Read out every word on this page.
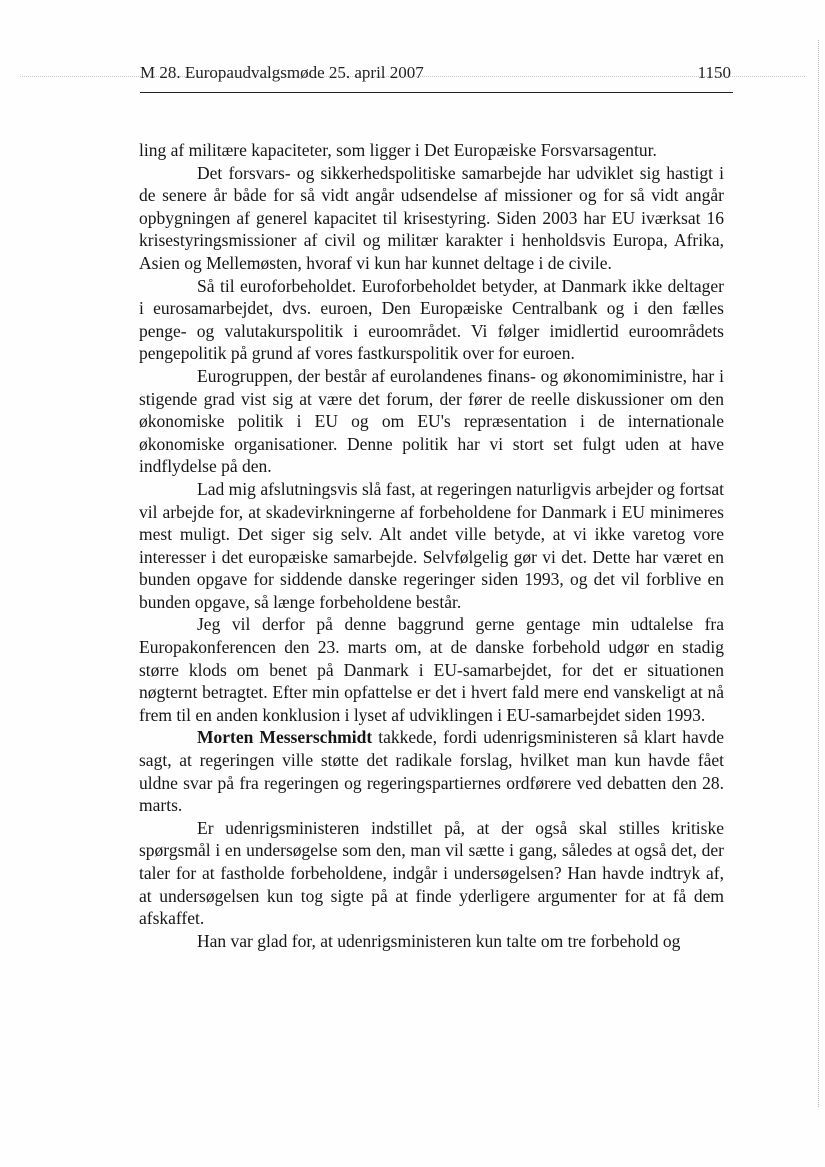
M 28. Europaudvalgsmøde 25. april 2007	1150

ling af militære kapaciteter, som ligger i Det Europæiske Forsvarsagentur.

Det forsvars- og sikkerhedspolitiske samarbejde har udviklet sig hastigt i de senere år både for så vidt angår udsendelse af missioner og for så vidt angår opbygningen af generel kapacitet til krisestyring. Siden 2003 har EU iværksat 16 krisestyringsmissioner af civil og militær karakter i henholdsvis Europa, Afrika, Asien og Mellemøsten, hvoraf vi kun har kunnet deltage i de civile.

Så til euroforbeholdet. Euroforbeholdet betyder, at Danmark ikke deltager i eurosamarbejdet, dvs. euroen, Den Europæiske Centralbank og i den fælles penge- og valutakurspolitik i euroområdet. Vi følger imidlertid euroområdets pengepolitik på grund af vores fastkurspolitik over for euroen.

Eurogruppen, der består af eurolandenes finans- og økonomiministre, har i stigende grad vist sig at være det forum, der fører de reelle diskussioner om den økonomiske politik i EU og om EU's repræsentation i de internationale økonomiske organisationer. Denne politik har vi stort set fulgt uden at have indflydelse på den.

Lad mig afslutningsvis slå fast, at regeringen naturligvis arbejder og fortsat vil arbejde for, at skadevirkningerne af forbeholdene for Danmark i EU minimeres mest muligt. Det siger sig selv. Alt andet ville betyde, at vi ikke varetog vore interesser i det europæiske samarbejde. Selvfølgelig gør vi det. Dette har været en bunden opgave for siddende danske regeringer siden 1993, og det vil forblive en bunden opgave, så længe forbeholdene består.

Jeg vil derfor på denne baggrund gerne gentage min udtalelse fra Europakonferencen den 23. marts om, at de danske forbehold udgør en stadig større klods om benet på Danmark i EU-samarbejdet, for det er situationen nøgternt betragtet. Efter min opfattelse er det i hvert fald mere end vanskeligt at nå frem til en anden konklusion i lyset af udviklingen i EU-samarbejdet siden 1993.

Morten Messerschmidt takkede, fordi udenrigsministeren så klart havde sagt, at regeringen ville støtte det radikale forslag, hvilket man kun havde fået uldne svar på fra regeringen og regeringspartiernes ordførere ved debatten den 28. marts.

Er udenrigsministeren indstillet på, at der også skal stilles kritiske spørgsmål i en undersøgelse som den, man vil sætte i gang, således at også det, der taler for at fastholde forbeholdene, indgår i undersøgelsen? Han havde indtryk af, at undersøgelsen kun tog sigte på at finde yderligere argumenter for at få dem afskaffet.

Han var glad for, at udenrigsministeren kun talte om tre forbehold og
